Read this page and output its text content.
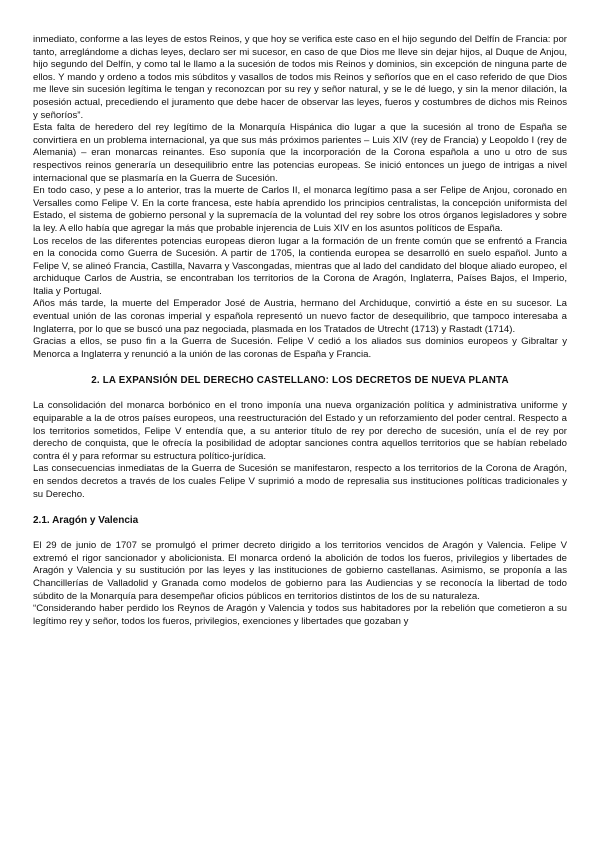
inmediato, conforme a las leyes de estos Reinos, y que hoy se verifica este caso en el hijo segundo del Delfín de Francia: por tanto, arreglándome a dichas leyes, declaro ser mi sucesor, en caso de que Dios me lleve sin dejar hijos, al Duque de Anjou, hijo segundo del Delfín, y como tal le llamo a la sucesión de todos mis Reinos y dominios, sin excepción de ninguna parte de ellos. Y mando y ordeno a todos mis súbditos y vasallos de todos mis Reinos y señoríos que en el caso referido de que Dios me lleve sin sucesión legítima le tengan y reconozcan por su rey y señor natural, y se le dé luego, y sin la menor dilación, la posesión actual, precediendo el juramento que debe hacer de observar las leyes, fueros y costumbres de dichos mis Reinos y señoríos”.

Esta falta de heredero del rey legítimo de la Monarquía Hispánica dio lugar a que la sucesión al trono de España se convirtiera en un problema internacional, ya que sus más próximos parientes – Luis XIV (rey de Francia) y Leopoldo I (rey de Alemania) – eran monarcas reinantes. Eso suponía que la incorporación de la Corona española a uno u otro de sus respectivos reinos generaría un desequilibrio entre las potencias europeas. Se inició entonces un juego de intrigas a nivel internacional que se plasmaría en la Guerra de Sucesión.

En todo caso, y pese a lo anterior, tras la muerte de Carlos II, el monarca legítimo pasa a ser Felipe de Anjou, coronado en Versalles como Felipe V. En la corte francesa, este había aprendido los principios centralistas, la concepción uniformista del Estado, el sistema de gobierno personal y la supremacía de la voluntad del rey sobre los otros órganos legisladores y sobre la ley. A ello había que agregar la más que probable injerencia de Luis XIV en los asuntos políticos de España.

Los recelos de las diferentes potencias europeas dieron lugar a la formación de un frente común que se enfrentó a Francia en la conocida como Guerra de Sucesión. A partir de 1705, la contienda europea se desarrolló en suelo español. Junto a Felipe V, se alineó Francia, Castilla, Navarra y Vascongadas, mientras que al lado del candidato del bloque aliado europeo, el archiduque Carlos de Austria, se encontraban los territorios de la Corona de Aragón, Inglaterra, Países Bajos, el Imperio, Italia y Portugal.

Años más tarde, la muerte del Emperador José de Austria, hermano del Archiduque, convirtió a éste en su sucesor. La eventual unión de las coronas imperial y española representó un nuevo factor de desequilibrio, que tampoco interesaba a Inglaterra, por lo que se buscó una paz negociada, plasmada en los Tratados de Utrecht (1713) y Rastadt (1714).

Gracias a ellos, se puso fin a la Guerra de Sucesión. Felipe V cedió a los aliados sus dominios europeos y Gibraltar y Menorca a Inglaterra y renunció a la unión de las coronas de España y Francia.

2. LA EXPANSIÓN DEL DERECHO CASTELLANO: LOS DECRETOS DE NUEVA PLANTA

La consolidación del monarca borbónico en el trono imponía una nueva organización política y administrativa uniforme y equiparable a la de otros países europeos, una reestructuración del Estado y un reforzamiento del poder central. Respecto a los territorios sometidos, Felipe V entendía que, a su anterior título de rey por derecho de sucesión, unía el de rey por derecho de conquista, que le ofrecía la posibilidad de adoptar sanciones contra aquellos territorios que se habían rebelado contra él y para reformar su estructura político-jurídica.

Las consecuencias inmediatas de la Guerra de Sucesión se manifestaron, respecto a los territorios de la Corona de Aragón, en sendos decretos a través de los cuales Felipe V suprimió a modo de represalia sus instituciones políticas tradicionales y su Derecho.

2.1. Aragón y Valencia

El 29 de junio de 1707 se promulgó el primer decreto dirigido a los territorios vencidos de Aragón y Valencia. Felipe V extremó el rigor sancionador y abolicionista. El monarca ordenó la abolición de todos los fueros, privilegios y libertades de Aragón y Valencia y su sustitución por las leyes y las instituciones de gobierno castellanas. Asimismo, se proponía a las Chancillerías de Valladolid y Granada como modelos de gobierno para las Audiencias y se reconocía la libertad de todo súbdito de la Monarquía para desempeñar oficios públicos en territorios distintos de los de su naturaleza.

“Considerando haber perdido los Reynos de Aragón y Valencia y todos sus habitadores por la rebelión que cometieron a su legítimo rey y señor, todos los fueros, privilegios, exenciones y libertades que gozaban y
